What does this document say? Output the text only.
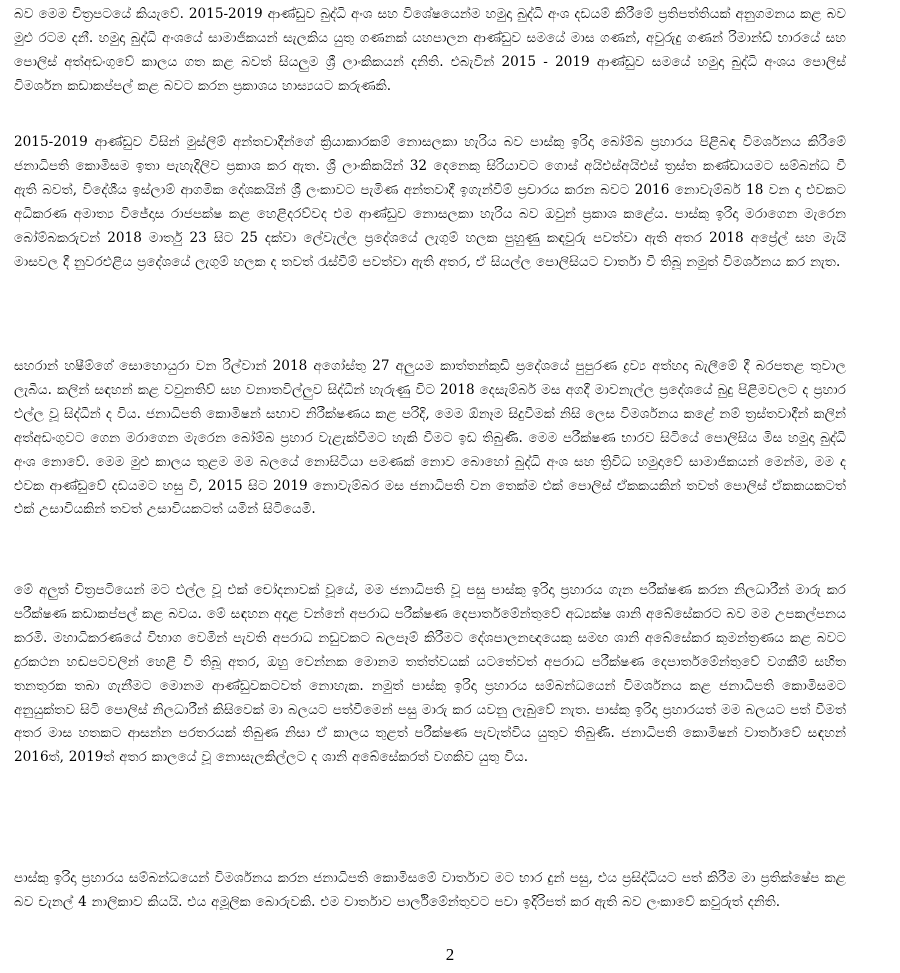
බව මෙම චිත්‍රපටයේ කියැවේ. 2015-2019 ආණ්ඩුව බුද්ධි අංශ සහ විශේෂයෙන්ම හමුදා බුද්ධි අංශ දඩයම් කිරීමේ ප්‍රතිපත්තියක් අනුගමනය කළ බව මුළු රටම දනී. හමුදා බුද්ධි අංශයේ සාමාජිකයන් සැලකිය යුතු ගණනක් යහපාලන ආණ්ඩුව සමයේ මාස ගණන්, අවුරුදු ගණන් රිමාන්ඩ් භාරයේ සහ පොලිස් අත්අඩංගුවේ කාලය ගත කළ බවත් සියලුම ශ්‍රී ලාංකිකයන් දනිති. එබැවින් 2015 - 2019 ආණ්ඩුව සමයේ හමුදා බුද්ධි අංශය පොලිස් විමර්ශන කඩාකප්පල් කළ බවට කරන ප්‍රකාශය හාස්‍යයට කරුණකි.

2015-2019 ආණ්ඩුව විසින් මුස්ලිම් අන්තවාදීන්ගේ ක්‍රියාකාරකම් නොසලකා හැරිය බව පාස්කු ඉරිදා බෝම්බ ප්‍රහාරය පිළිබඳ විමර්ශනය කිරීමේ ජනාධිපති කොමිසම ඉතා පැහැදිලිව ප්‍රකාශ කර ඇත. ශ්‍රී ලාංකිකයින් 32 දෙනෙකු සිරියාවට ගොස් අයිඑස්අයිඑස් ත්‍රස්ත කණ්ඩායමට සම්බන්ධ වී ඇති බවත්, විදේශීය ඉස්ලාම් ආගමික දේශකයින් ශ්‍රී ලංකාවට පැමිණ අන්තවාදී ඉගැන්වීම් ප්‍රචාරය කරන බවට 2016 නොවැම්බර් 18 වන දා එවකට අධිකරණ අමාත්‍ය විජේදාස රාජපක්ෂ කළ හෙළිදරව්වද එම ආණ්ඩුව නොසලකා හැරිය බව ඔවුන් ප්‍රකාශ කළේය. පාස්කු ඉරිදා මරාගෙන මැරෙන බෝම්බකරුවන් 2018 මාර්තු 23 සිට 25 දක්වා ලේවැල්ල ප්‍රදේශයේ ලැගුම් හලක පුහුණු කඳවුරු පවත්වා ඇති අතර 2018 අප්‍රේල් සහ මැයි මාසවල දී නුවරඑළිය ප්‍රදේශයේ ලැගුම් හලක ද තවත් රැස්වීම් පවත්වා ඇති අතර, ඒ සියල්ල පොලිසියට වාර්තා වී තිබූ නමුත් විමර්ශනය කර නැත.

සහරාන් හෂීම්ගේ සොහොයුරා වන රිල්වාන් 2018 අගෝස්තු 27 අලුයම කාත්තන්කුඩි ප්‍රදේශයේ පුපුරණ ද්‍රව්‍ය අත්හදා බැලීමේ දී බරපතළ තුවාල ලැබීය. කලින් සඳහන් කළ වවුනතිව් සහ වනාතවිල්ලුව සිද්ධීන් හැරුණු විට 2018 දෙසැම්බර් මස අගදී මාවනැල්ල ප්‍රදේශයේ බුදු පිළිමවලට ද ප්‍රහාර එල්ල වූ සිද්ධීන් ද විය. ජනාධිපති කොමිෂන් සභාව නිරීක්ෂණය කළ පරිදි, මෙම ඕනෑම සිදුවීමක් නිසි ලෙස විමර්ශනය කළේ නම් ත්‍රස්තවාදීන් කලින් අත්අඩංගුවට ගෙන මරාගෙන මැරෙන බෝම්බ ප්‍රහාර වැළැක්වීමට හැකි වීමට ඉඩ තිබුණි. මෙම පරීක්ෂණ භාරව සිටියේ පොලිසිය මිස හමුදා බුද්ධි අංශ නොවේ. මෙම මුළු කාලය තුළම මම බලයේ නොසිටියා පමණක් නොව බොහෝ බුද්ධි අංශ සහ ත්‍රිවිධ හමුදාවේ සාමාජිකයන් මෙන්ම, මම ද එවක ආණ්ඩුවේ දඩයමට හසු වී, 2015 සිට 2019 නොවැම්බර මස ජනාධිපති වන තෙක්ම එක් පොලිස් ඒකකයකින් තවත් පොලිස් ඒකකයකටත් එක් උසාවියකින් තවත් උසාවියකටත් යමින් සිටියෙමි.

මේ අලුත් චිත්‍රපටියෙන් මට එල්ල වූ එක් චෝදනාවක් වූයේ, මම ජනාධිපති වූ පසු පාස්කු ඉරිදා ප්‍රහාරය ගැන පරීක්ෂණ කරන නිලධාරීන් මාරු කර පරීක්ෂණ කඩාකප්පල් කළ බවය. මේ සඳහන අදාළ වන්නේ අපරාධ පරීක්ෂණ දෙපාර්තමේන්තුවේ අධ්‍යක්ෂ ශානි අබේසේකරට බව මම උපකල්පනය කරමි. මහාධිකරණයේ විභාග වෙමින් පැවති අපරාධ නඩුවකට බලපෑම් කිරීමට දේශපාලනඥයෙකු සමඟ ශානි අබේසේකර කුමන්ත්‍රණය කළ බවට දුරකථන හඬපටවලින් හෙළි වී තිබූ අතර, ඔහු වෙන්නක මොනම තත්ත්වයක් යටතේවත් අපරාධ පරීක්ෂණ දෙපාර්තමේන්තුවේ වගකීම් සහිත තනතුරක තබා ගැනීමට මොනම ආණ්ඩුවකටවත් නොහැක. නමුත් පාස්කු ඉරිදා ප්‍රහාරය සම්බන්ධයෙන් විමර්ශනය කළ ජනාධිපති කොමිසමට අනුයුක්තව සිටි පොලිස් නිලධාරීන් කිසිවෙක් මා බලයට පත්වීමෙන් පසු මාරු කර යවනු ලැබුවේ නැත. පාස්කු ඉරිදා ප්‍රහාරයත් මම බලයට පත් වීමත් අතර මාස හතකට ආසන්න පරතරයක් තිබුණ නිසා ඒ කාලය තුළත් පරීක්ෂණ පැවැත්විය යුතුව තිබුණි. ජනාධිපති කොමිෂන් වාර්තාවේ සඳහන් 2016ත්, 2019ත් අතර කාලයේ වූ නොසැලකිල්ලට ද ශානි අබේසේකරත් වගකිව යුතු විය.

පාස්කු ඉරිදා ප්‍රහාරය සම්බන්ධයෙන් විමර්ශනය කරන ජනාධිපති කොමිසමේ වාර්තාව මට භාර දුන් පසු, එය ප්‍රසිද්ධියට පත් කිරීම මා ප්‍රතික්ෂේප කළ බව චැනල් 4 නාලිකාව කියයි. එය අමූලික බොරුවකි. එම වාර්තාව පාර්ලිමේන්තුවට පවා ඉදිරිපත් කර ඇති බව ලංකාවේ කවුරුත් දනිති.

2
